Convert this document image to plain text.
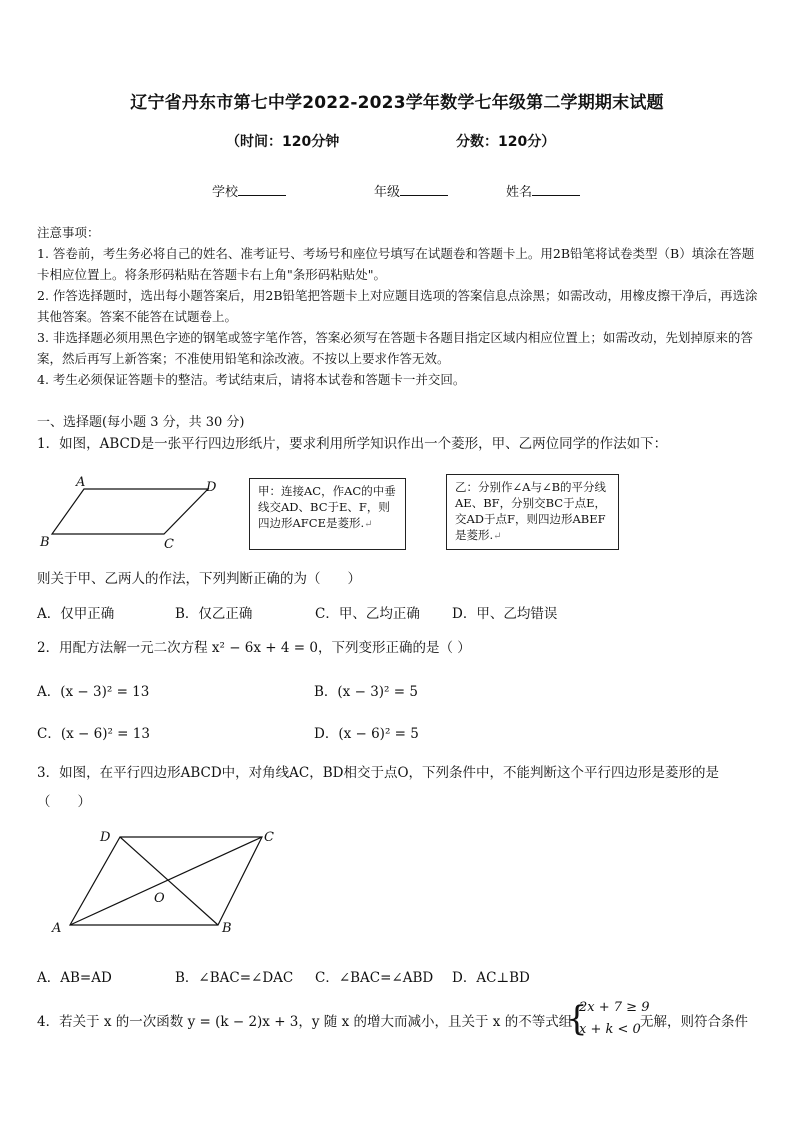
辽宁省丹东市第七中学2022-2023学年数学七年级第二学期期末试题
（时间：120分钟	分数：120分）
学校	年级	姓名

注意事项：

1. 答卷前，考生务必将自己的姓名、准考证号、考场号和座位号填写在试题卷和答题卡上。用2B铅笔将试卷类型（B）填涂在答题卡相应位置上。将条形码粘贴在答题卡右上角"条形码粘贴处"。

2. 作答选择题时，选出每小题答案后，用2B铅笔把答题卡上对应题目选项的答案信息点涂黑；如需改动，用橡皮擦干净后，再选涂其他答案。答案不能答在试题卷上。

3. 非选择题必须用黑色字迹的钢笔或签字笔作答，答案必须写在答题卡各题目指定区域内相应位置上；如需改动，先划掉原来的答案，然后再写上新答案；不准使用铅笔和涂改液。不按以上要求作答无效。

4. 考生必须保证答题卡的整洁。考试结束后，请将本试卷和答题卡一并交回。

一、选择题(每小题 3 分，共 30 分)
1．如图，ABCD是一张平行四边形纸片，要求利用所学知识作出一个菱形，甲、乙两位同学的作法如下：
A	D
B	C
甲：连接AC，作AC的中垂线交AD、BC于E、F，则四边形AFCE是菱形.↵
乙：分别作∠A与∠B的平分线AE、BF，分别交BC于点E，交AD于点F，则四边形ABEF是菱形.↵
则关于甲、乙两人的作法，下列判断正确的为（　　）
A．仅甲正确	B．仅乙正确	C．甲、乙均正确 D．甲、乙均错误
2．用配方法解一元二次方程 x² − 6x + 4 = 0，下列变形正确的是（ ）
A．(x − 3)² = 13	B．(x − 3)² = 5
C．(x − 6)² = 13	D．(x − 6)² = 5
3．如图，在平行四边形ABCD中，对角线AC，BD相交于点O，下列条件中，不能判断这个平行四边形是菱形的是（　　）
D	C
A	B
O
A．AB=AD	B．∠BAC=∠DAC C．∠BAC=∠ABD D．AC⊥BD
4．若关于 x 的一次函数 y = (k − 2)x + 3，y 随 x 的增大而减小，且关于 x 的不等式组
{
2x + 7 ≥ 9
x + k < 0 无解，则符合条件
